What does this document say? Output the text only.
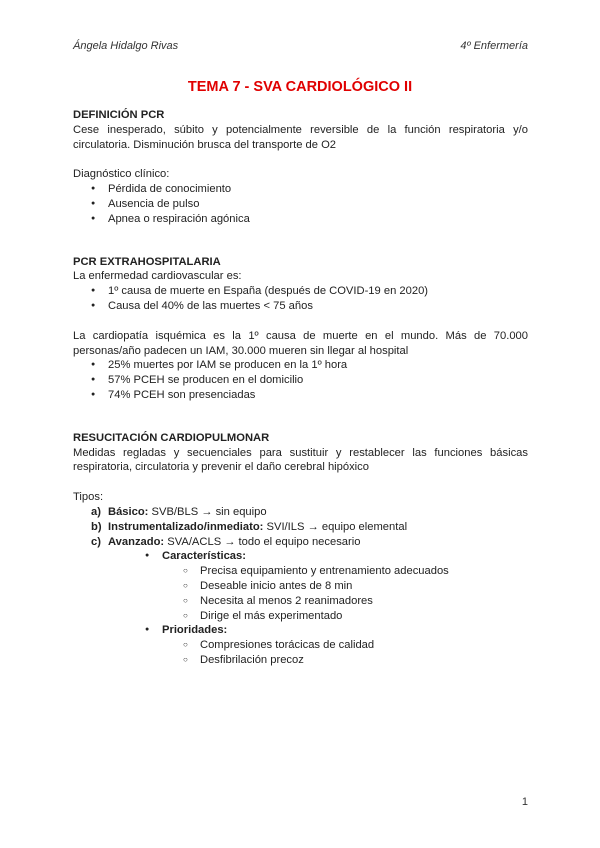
Ángela Hidalgo Rivas	4º Enfermería
TEMA 7 - SVA CARDIOLÓGICO II

DEFINICIÓN PCR

Cese inesperado, súbito y potencialmente reversible de la función respiratoria y/o circulatoria. Disminución brusca del transporte de O2

Diagnóstico clínico:

● Pérdida de conocimiento
● Ausencia de pulso
● Apnea o respiración agónica

PCR EXTRAHOSPITALARIA

La enfermedad cardiovascular es:

● 1º causa de muerte en España (después de COVID-19 en 2020)
● Causa del 40% de las muertes < 75 años

La cardiopatía isquémica es la 1º causa de muerte en el mundo. Más de 70.000 personas/año padecen un IAM, 30.000 mueren sin llegar al hospital

● 25% muertes por IAM se producen en la 1º hora
● 57% PCEH se producen en el domicilio
● 74% PCEH son presenciadas

RESUCITACIÓN CARDIOPULMONAR

Medidas regladas y secuenciales para sustituir y restablecer las funciones básicas respiratoria, circulatoria y prevenir el daño cerebral hipóxico

Tipos:

a) Básico: SVB/BLS → sin equipo
b) Instrumentalizado/inmediato: SVI/ILS → equipo elemental
c) Avanzado: SVA/ACLS → todo el equipo necesario
● Características:
○ Precisa equipamiento y entrenamiento adecuados
○ Deseable inicio antes de 8 min
○ Necesita al menos 2 reanimadores
○ Dirige el más experimentado
● Prioridades:
○ Compresiones torácicas de calidad
○ Desfibrilación precoz
1
